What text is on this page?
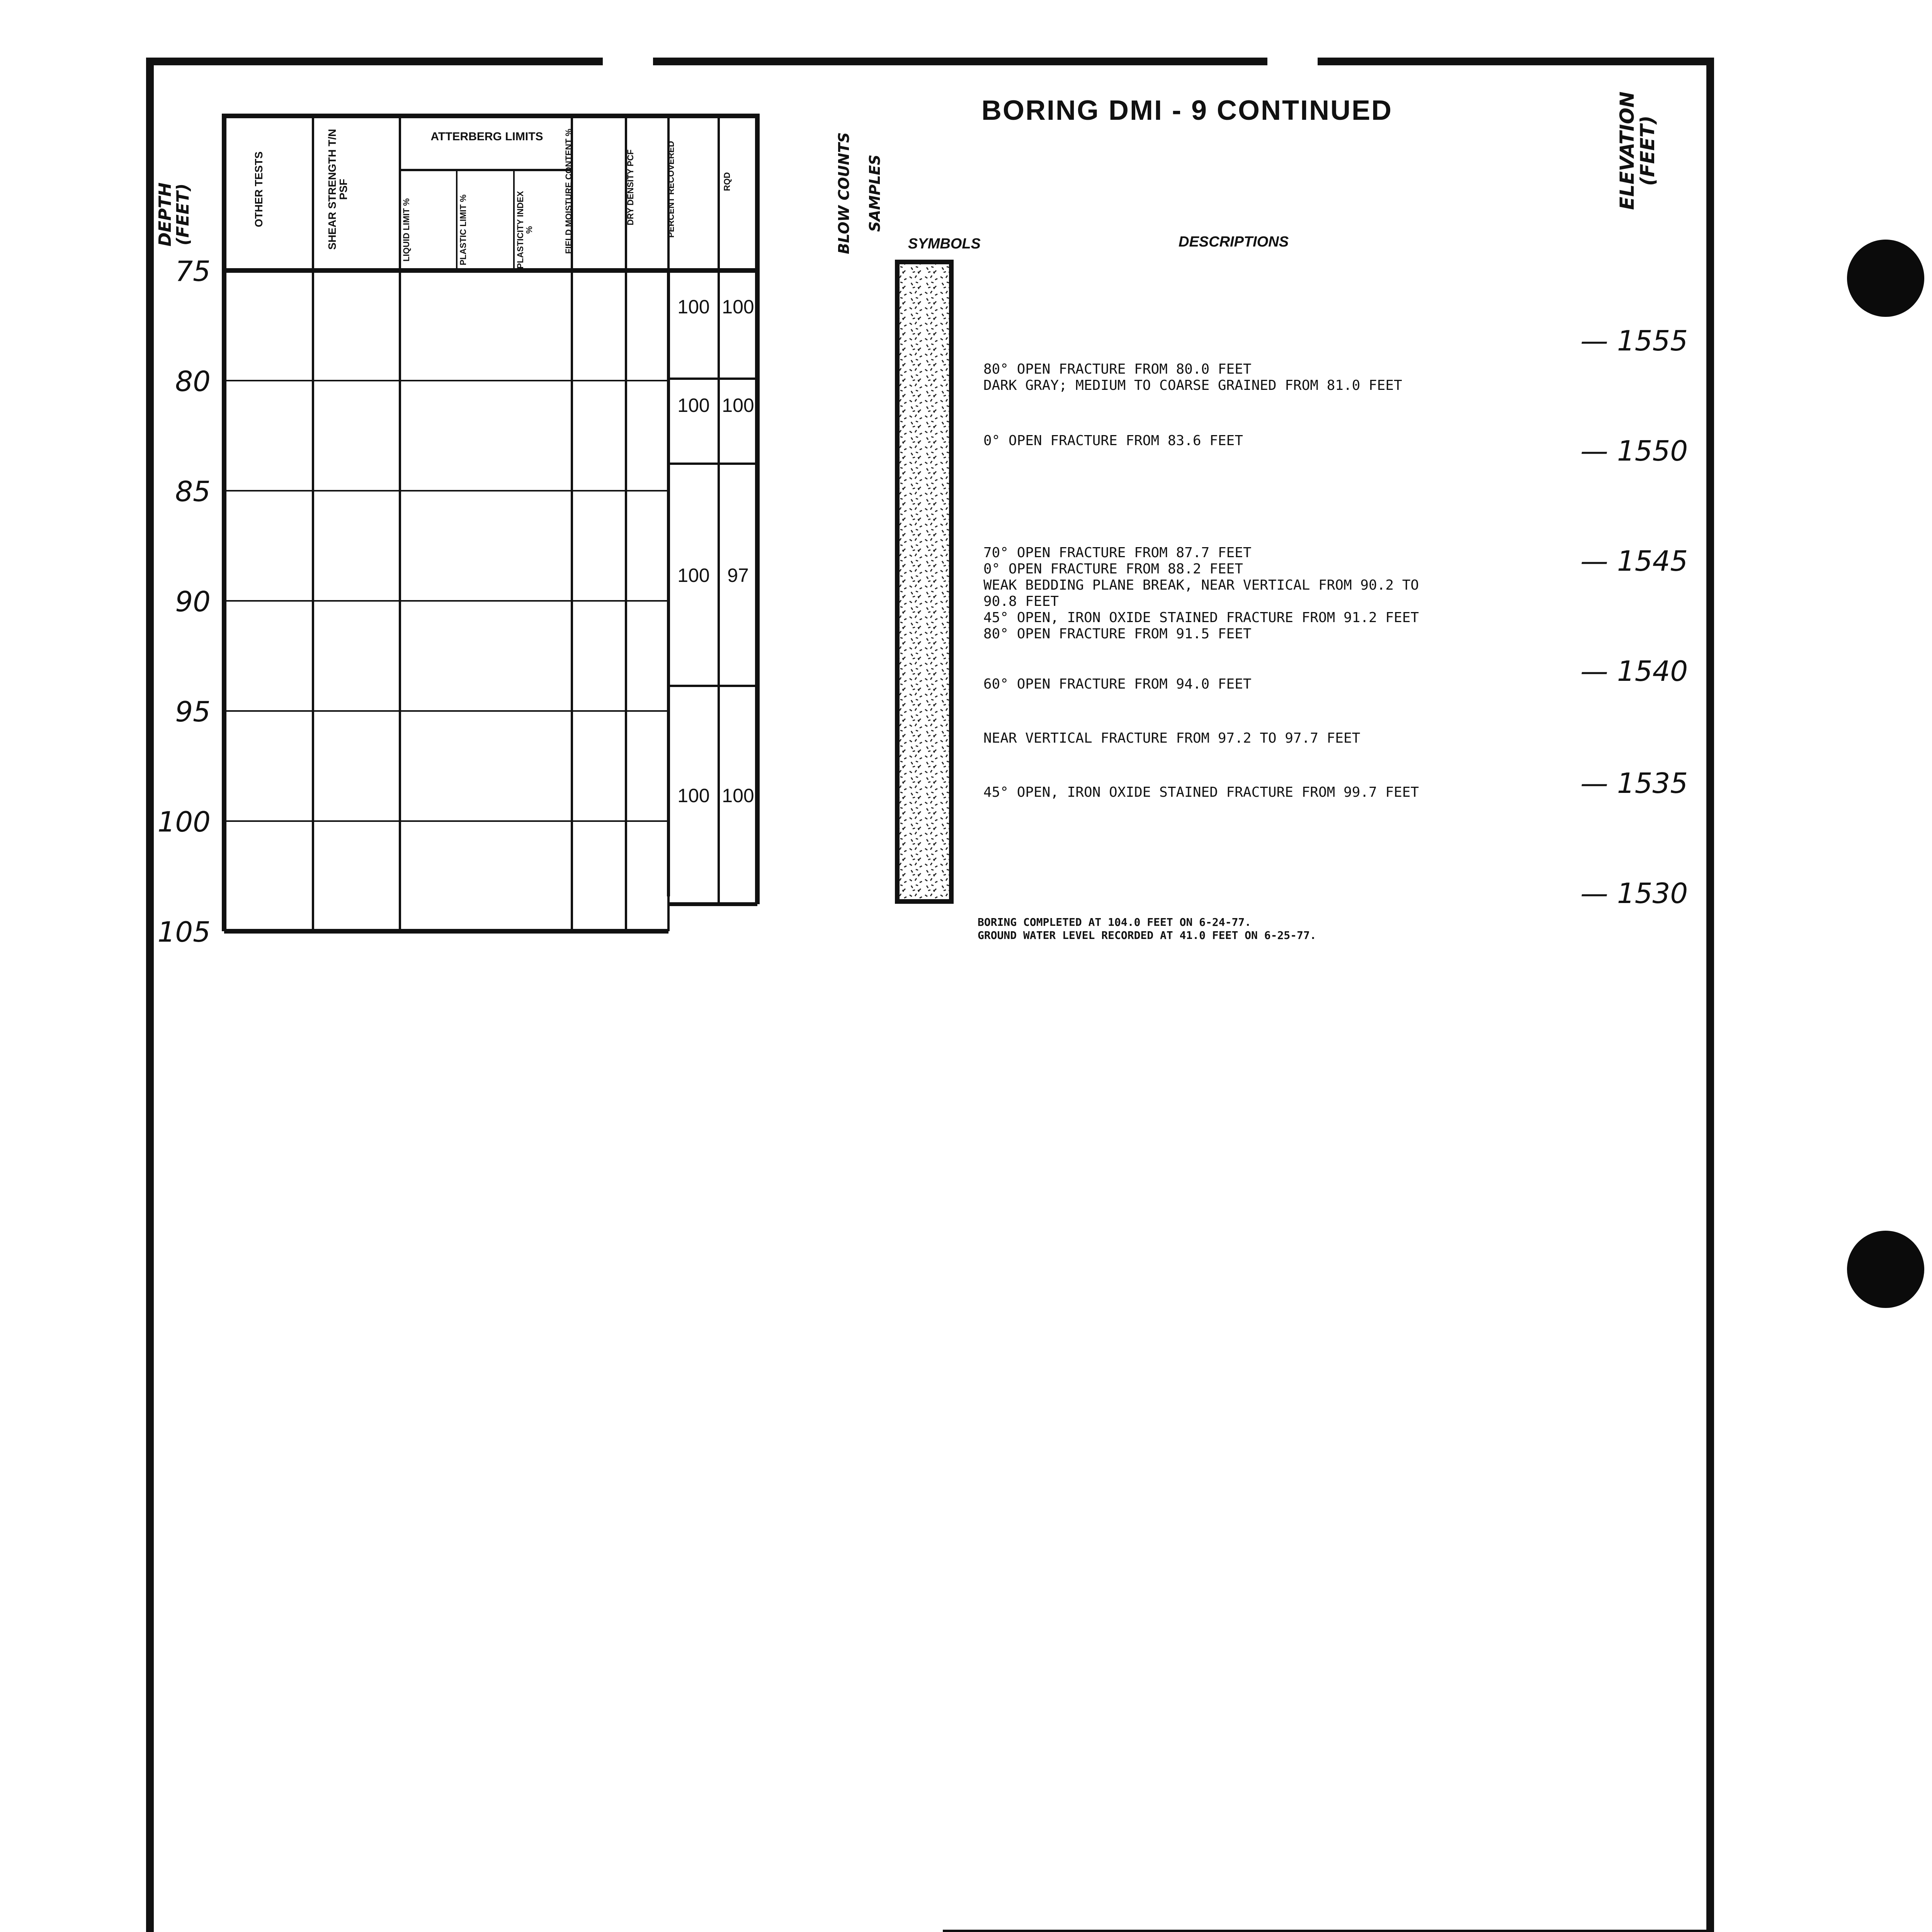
DEPTH (FEET)
75
80
85
90
95
100
105
OTHER TESTS	SHEAR STRENGTH T/N PSF
ATTERBERG LIMITS
LIQUID LIMIT %	PLASTIC LIMIT %	PLASTICITY INDEX %	FIELD MOISTURE CONTENT %	DRY DENSITY PCF	PERCENT RECOVERED	RQD
100 100
100 100
100 97
100 100

BLOW COUNTS SAMPLES

BORING DMI - 9 CONTINUED	ELEVATION (FEET)
SYMBOLS	DESCRIPTIONS
80° OPEN FRACTURE FROM 80.0 FEET
DARK GRAY; MEDIUM TO COARSE GRAINED FROM 81.0 FEET
0° OPEN FRACTURE FROM 83.6 FEET
70° OPEN FRACTURE FROM 87.7 FEET
0° OPEN FRACTURE FROM 88.2 FEET
WEAK BEDDING PLANE BREAK, NEAR VERTICAL FROM 90.2 TO
90.8 FEET
45° OPEN, IRON OXIDE STAINED FRACTURE FROM 91.2 FEET
80° OPEN FRACTURE FROM 91.5 FEET
60° OPEN FRACTURE FROM 94.0 FEET
NEAR VERTICAL FRACTURE FROM 97.2 TO 97.7 FEET
45° OPEN, IRON OXIDE STAINED FRACTURE FROM 99.7 FEET
— 1555
— 1550
— 1545
— 1540
— 1535
— 1530
BORING COMPLETED AT 104.0 FEET ON 6-24-77.
GROUND WATER LEVEL RECORDED AT 41.0 FEET ON 6-25-77.
